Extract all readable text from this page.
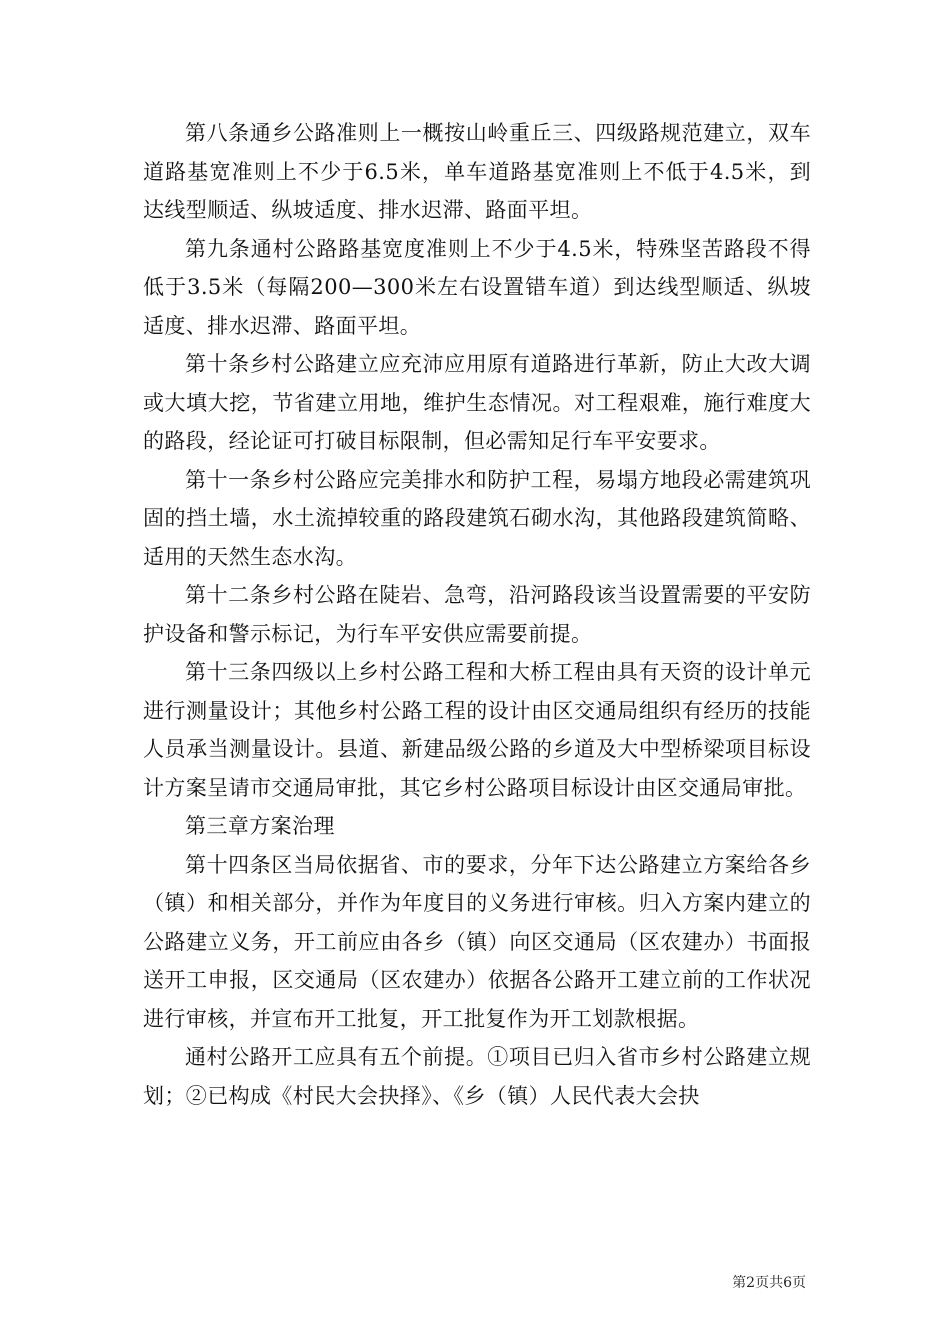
第八条通乡公路准则上一概按山岭重丘三、四级路规范建立，双车道路基宽准则上不少于6.5米，单车道路基宽准则上不低于4.5米，到达线型顺适、纵坡适度、排水迟滞、路面平坦。

第九条通村公路路基宽度准则上不少于4.5米，特殊坚苦路段不得低于3.5米（每隔200—300米左右设置错车道）到达线型顺适、纵坡适度、排水迟滞、路面平坦。

第十条乡村公路建立应充沛应用原有道路进行革新，防止大改大调或大填大挖，节省建立用地，维护生态情况。对工程艰难，施行难度大的路段，经论证可打破目标限制，但必需知足行车平安要求。

第十一条乡村公路应完美排水和防护工程，易塌方地段必需建筑巩固的挡土墙，水土流掉较重的路段建筑石砌水沟，其他路段建筑简略、适用的天然生态水沟。

第十二条乡村公路在陡岩、急弯，沿河路段该当设置需要的平安防护设备和警示标记，为行车平安供应需要前提。

第十三条四级以上乡村公路工程和大桥工程由具有天资的设计单元进行测量设计；其他乡村公路工程的设计由区交通局组织有经历的技能人员承当测量设计。县道、新建品级公路的乡道及大中型桥梁项目标设计方案呈请市交通局审批，其它乡村公路项目标设计由区交通局审批。

第三章方案治理

第十四条区当局依据省、市的要求，分年下达公路建立方案给各乡（镇）和相关部分，并作为年度目的义务进行审核。归入方案内建立的公路建立义务，开工前应由各乡（镇）向区交通局（区农建办）书面报送开工申报，区交通局（区农建办）依据各公路开工建立前的工作状况进行审核，并宣布开工批复，开工批复作为开工划款根据。

通村公路开工应具有五个前提。①项目已归入省市乡村公路建立规划；②已构成《村民大会抉择》、《乡（镇）人民代表大会抉

第2页共6页
